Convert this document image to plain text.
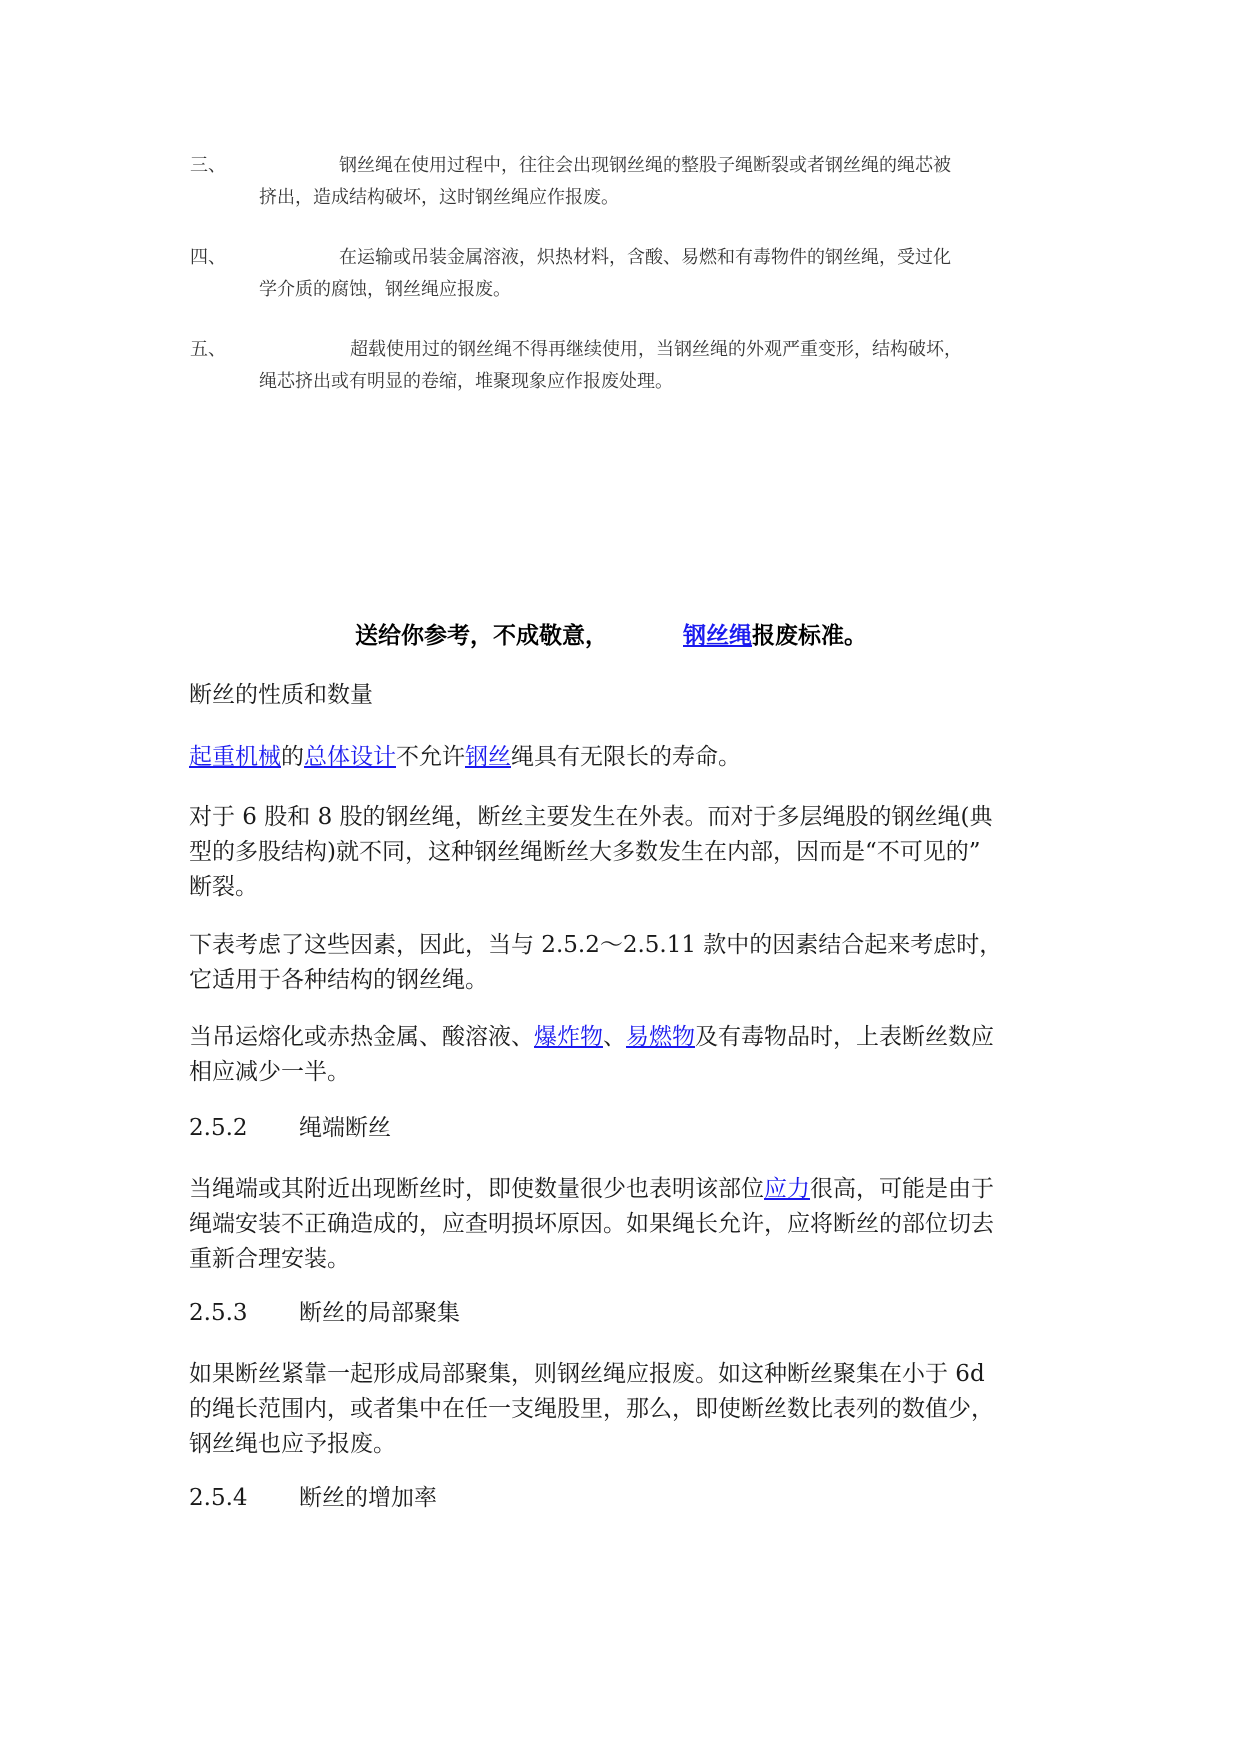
三、	钢丝绳在使用过程中，往往会出现钢丝绳的整股子绳断裂或者钢丝绳的绳芯被
挤出，造成结构破坏，这时钢丝绳应作报废。
四、	在运输或吊装金属溶液，炽热材料，含酸、易燃和有毒物件的钢丝绳，受过化
学介质的腐蚀，钢丝绳应报废。
五、	超载使用过的钢丝绳不得再继续使用，当钢丝绳的外观严重变形，结构破坏，
绳芯挤出或有明显的卷缩，堆聚现象应作报废处理。
送给你参考，不成敬意，	钢丝绳报废标准。
断丝的性质和数量
起重机械的总体设计不允许钢丝绳具有无限长的寿命。
对于 6 股和 8 股的钢丝绳，断丝主要发生在外表。而对于多层绳股的钢丝绳(典
型的多股结构)就不同，这种钢丝绳断丝大多数发生在内部，因而是“不可见的”
断裂。
下表考虑了这些因素，因此，当与 2.5.2～2.5.11 款中的因素结合起来考虑时，
它适用于各种结构的钢丝绳。
当吊运熔化或赤热金属、酸溶液、爆炸物、易燃物及有毒物品时，上表断丝数应
相应减少一半。
2.5.2 绳端断丝
当绳端或其附近出现断丝时，即使数量很少也表明该部位应力很高，可能是由于
绳端安装不正确造成的，应查明损坏原因。如果绳长允许，应将断丝的部位切去
重新合理安装。
2.5.3 断丝的局部聚集
如果断丝紧靠一起形成局部聚集，则钢丝绳应报废。如这种断丝聚集在小于 6d
的绳长范围内，或者集中在任一支绳股里，那么，即使断丝数比表列的数值少，
钢丝绳也应予报废。
2.5.4 断丝的增加率
